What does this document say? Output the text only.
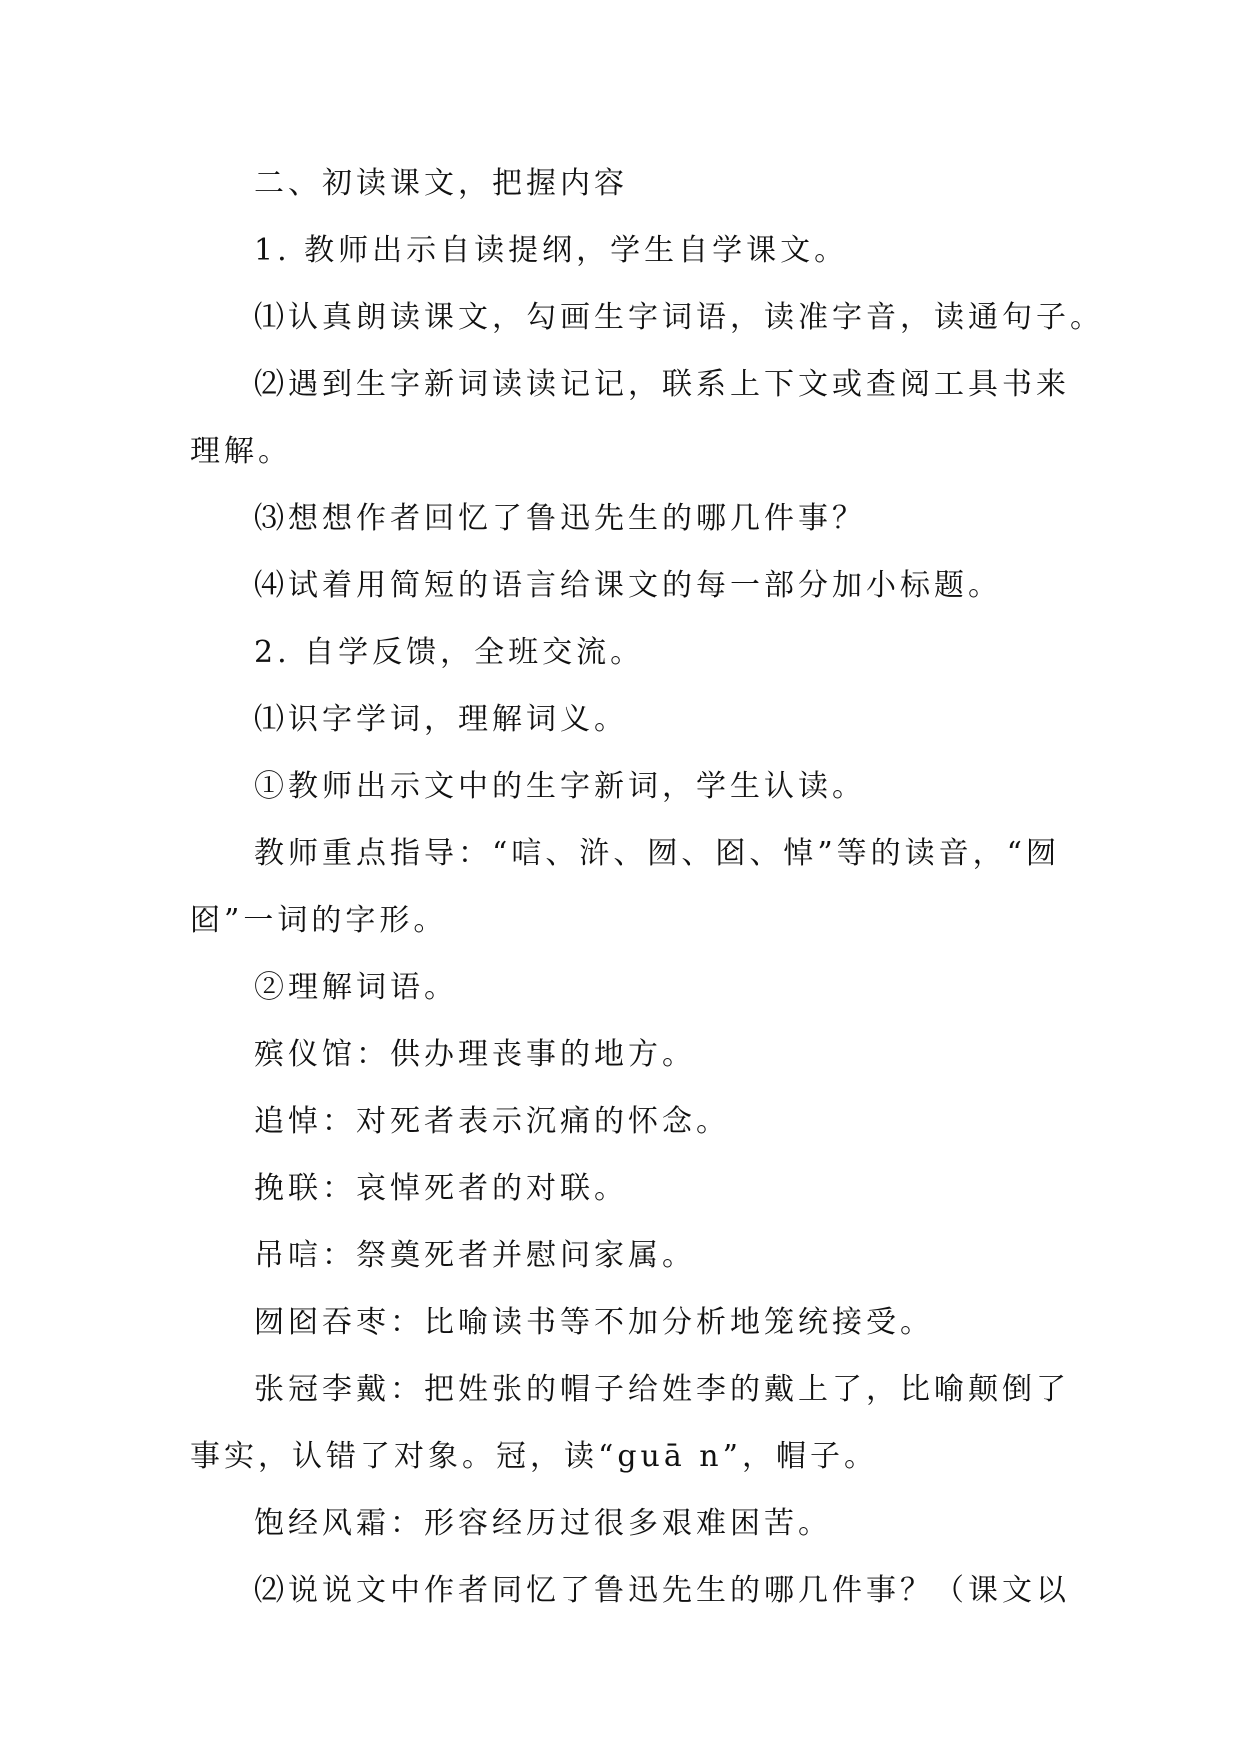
二、初读课文，把握内容
1. 教师出示自读提纲，学生自学课文。
⑴认真朗读课文，勾画生字词语，读准字音，读通句子。
⑵遇到生字新词读读记记，联系上下文或查阅工具书来
理解。
⑶想想作者回忆了鲁迅先生的哪几件事？
⑷试着用简短的语言给课文的每一部分加小标题。
2. 自学反馈，全班交流。
⑴识字学词，理解词义。
①教师出示文中的生字新词，学生认读。
教师重点指导：“唁、浒、囫、囵、悼”等的读音，“囫
囵”一词的字形。
②理解词语。
殡仪馆：供办理丧事的地方。
追悼：对死者表示沉痛的怀念。
挽联：哀悼死者的对联。
吊唁：祭奠死者并慰问家属。
囫囵吞枣：比喻读书等不加分析地笼统接受。
张冠李戴：把姓张的帽子给姓李的戴上了，比喻颠倒了
事实，认错了对象。冠，读“guā n”，帽子。
饱经风霜：形容经历过很多艰难困苦。
⑵说说文中作者同忆了鲁迅先生的哪几件事？（课文以
